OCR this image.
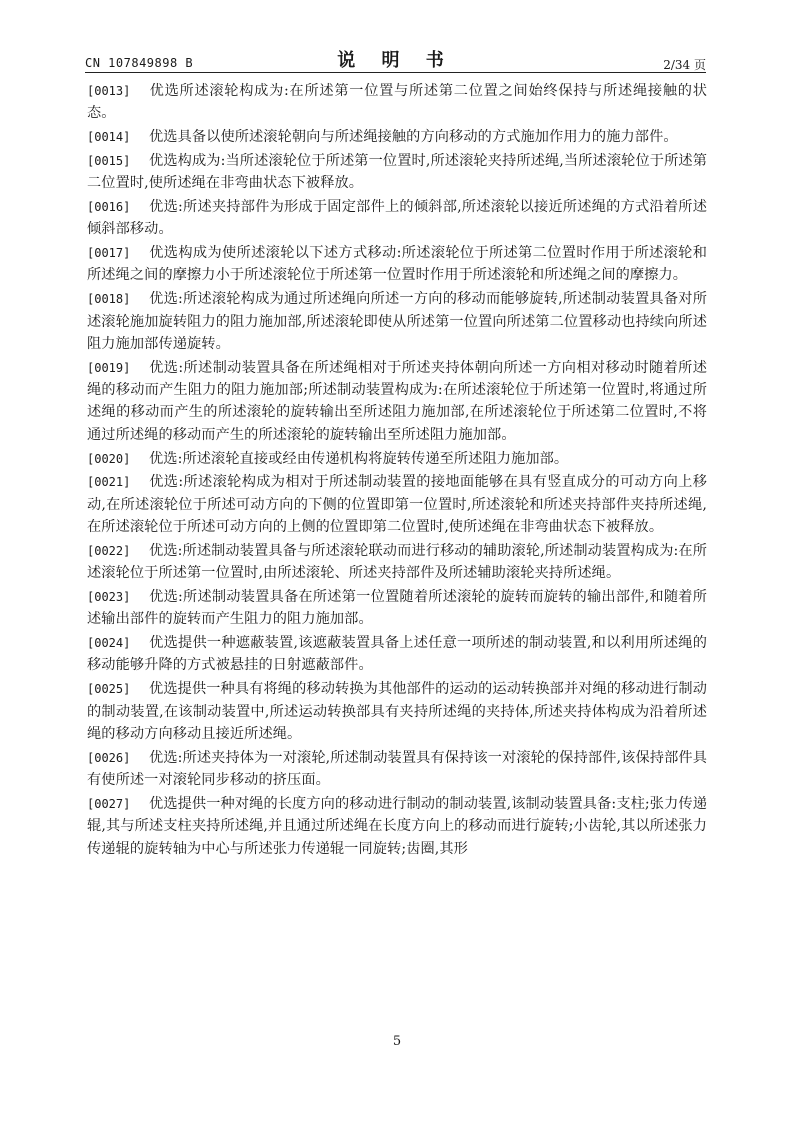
CN 107849898 B	说 明 书	2/34 页

[0013] 优选所述滚轮构成为:在所述第一位置与所述第二位置之间始终保持与所述绳接触的状态。

[0014] 优选具备以使所述滚轮朝向与所述绳接触的方向移动的方式施加作用力的施力部件。

[0015] 优选构成为:当所述滚轮位于所述第一位置时,所述滚轮夹持所述绳,当所述滚轮位于所述第二位置时,使所述绳在非弯曲状态下被释放。

[0016] 优选:所述夹持部件为形成于固定部件上的倾斜部,所述滚轮以接近所述绳的方式沿着所述倾斜部移动。

[0017] 优选构成为使所述滚轮以下述方式移动:所述滚轮位于所述第二位置时作用于所述滚轮和所述绳之间的摩擦力小于所述滚轮位于所述第一位置时作用于所述滚轮和所述绳之间的摩擦力。

[0018] 优选:所述滚轮构成为通过所述绳向所述一方向的移动而能够旋转,所述制动装置具备对所述滚轮施加旋转阻力的阻力施加部,所述滚轮即使从所述第一位置向所述第二位置移动也持续向所述阻力施加部传递旋转。

[0019] 优选:所述制动装置具备在所述绳相对于所述夹持体朝向所述一方向相对移动时随着所述绳的移动而产生阻力的阻力施加部;所述制动装置构成为:在所述滚轮位于所述第一位置时,将通过所述绳的移动而产生的所述滚轮的旋转输出至所述阻力施加部,在所述滚轮位于所述第二位置时,不将通过所述绳的移动而产生的所述滚轮的旋转输出至所述阻力施加部。

[0020] 优选:所述滚轮直接或经由传递机构将旋转传递至所述阻力施加部。

[0021] 优选:所述滚轮构成为相对于所述制动装置的接地面能够在具有竖直成分的可动方向上移动,在所述滚轮位于所述可动方向的下侧的位置即第一位置时,所述滚轮和所述夹持部件夹持所述绳,在所述滚轮位于所述可动方向的上侧的位置即第二位置时,使所述绳在非弯曲状态下被释放。

[0022] 优选:所述制动装置具备与所述滚轮联动而进行移动的辅助滚轮,所述制动装置构成为:在所述滚轮位于所述第一位置时,由所述滚轮、所述夹持部件及所述辅助滚轮夹持所述绳。

[0023] 优选:所述制动装置具备在所述第一位置随着所述滚轮的旋转而旋转的输出部件,和随着所述输出部件的旋转而产生阻力的阻力施加部。

[0024] 优选提供一种遮蔽装置,该遮蔽装置具备上述任意一项所述的制动装置,和以利用所述绳的移动能够升降的方式被悬挂的日射遮蔽部件。

[0025] 优选提供一种具有将绳的移动转换为其他部件的运动的运动转换部并对绳的移动进行制动的制动装置,在该制动装置中,所述运动转换部具有夹持所述绳的夹持体,所述夹持体构成为沿着所述绳的移动方向移动且接近所述绳。

[0026] 优选:所述夹持体为一对滚轮,所述制动装置具有保持该一对滚轮的保持部件,该保持部件具有使所述一对滚轮同步移动的挤压面。

[0027] 优选提供一种对绳的长度方向的移动进行制动的制动装置,该制动装置具备:支柱;张力传递辊,其与所述支柱夹持所述绳,并且通过所述绳在长度方向上的移动而进行旋转;小齿轮,其以所述张力传递辊的旋转轴为中心与所述张力传递辊一同旋转;齿圈,其形

5
